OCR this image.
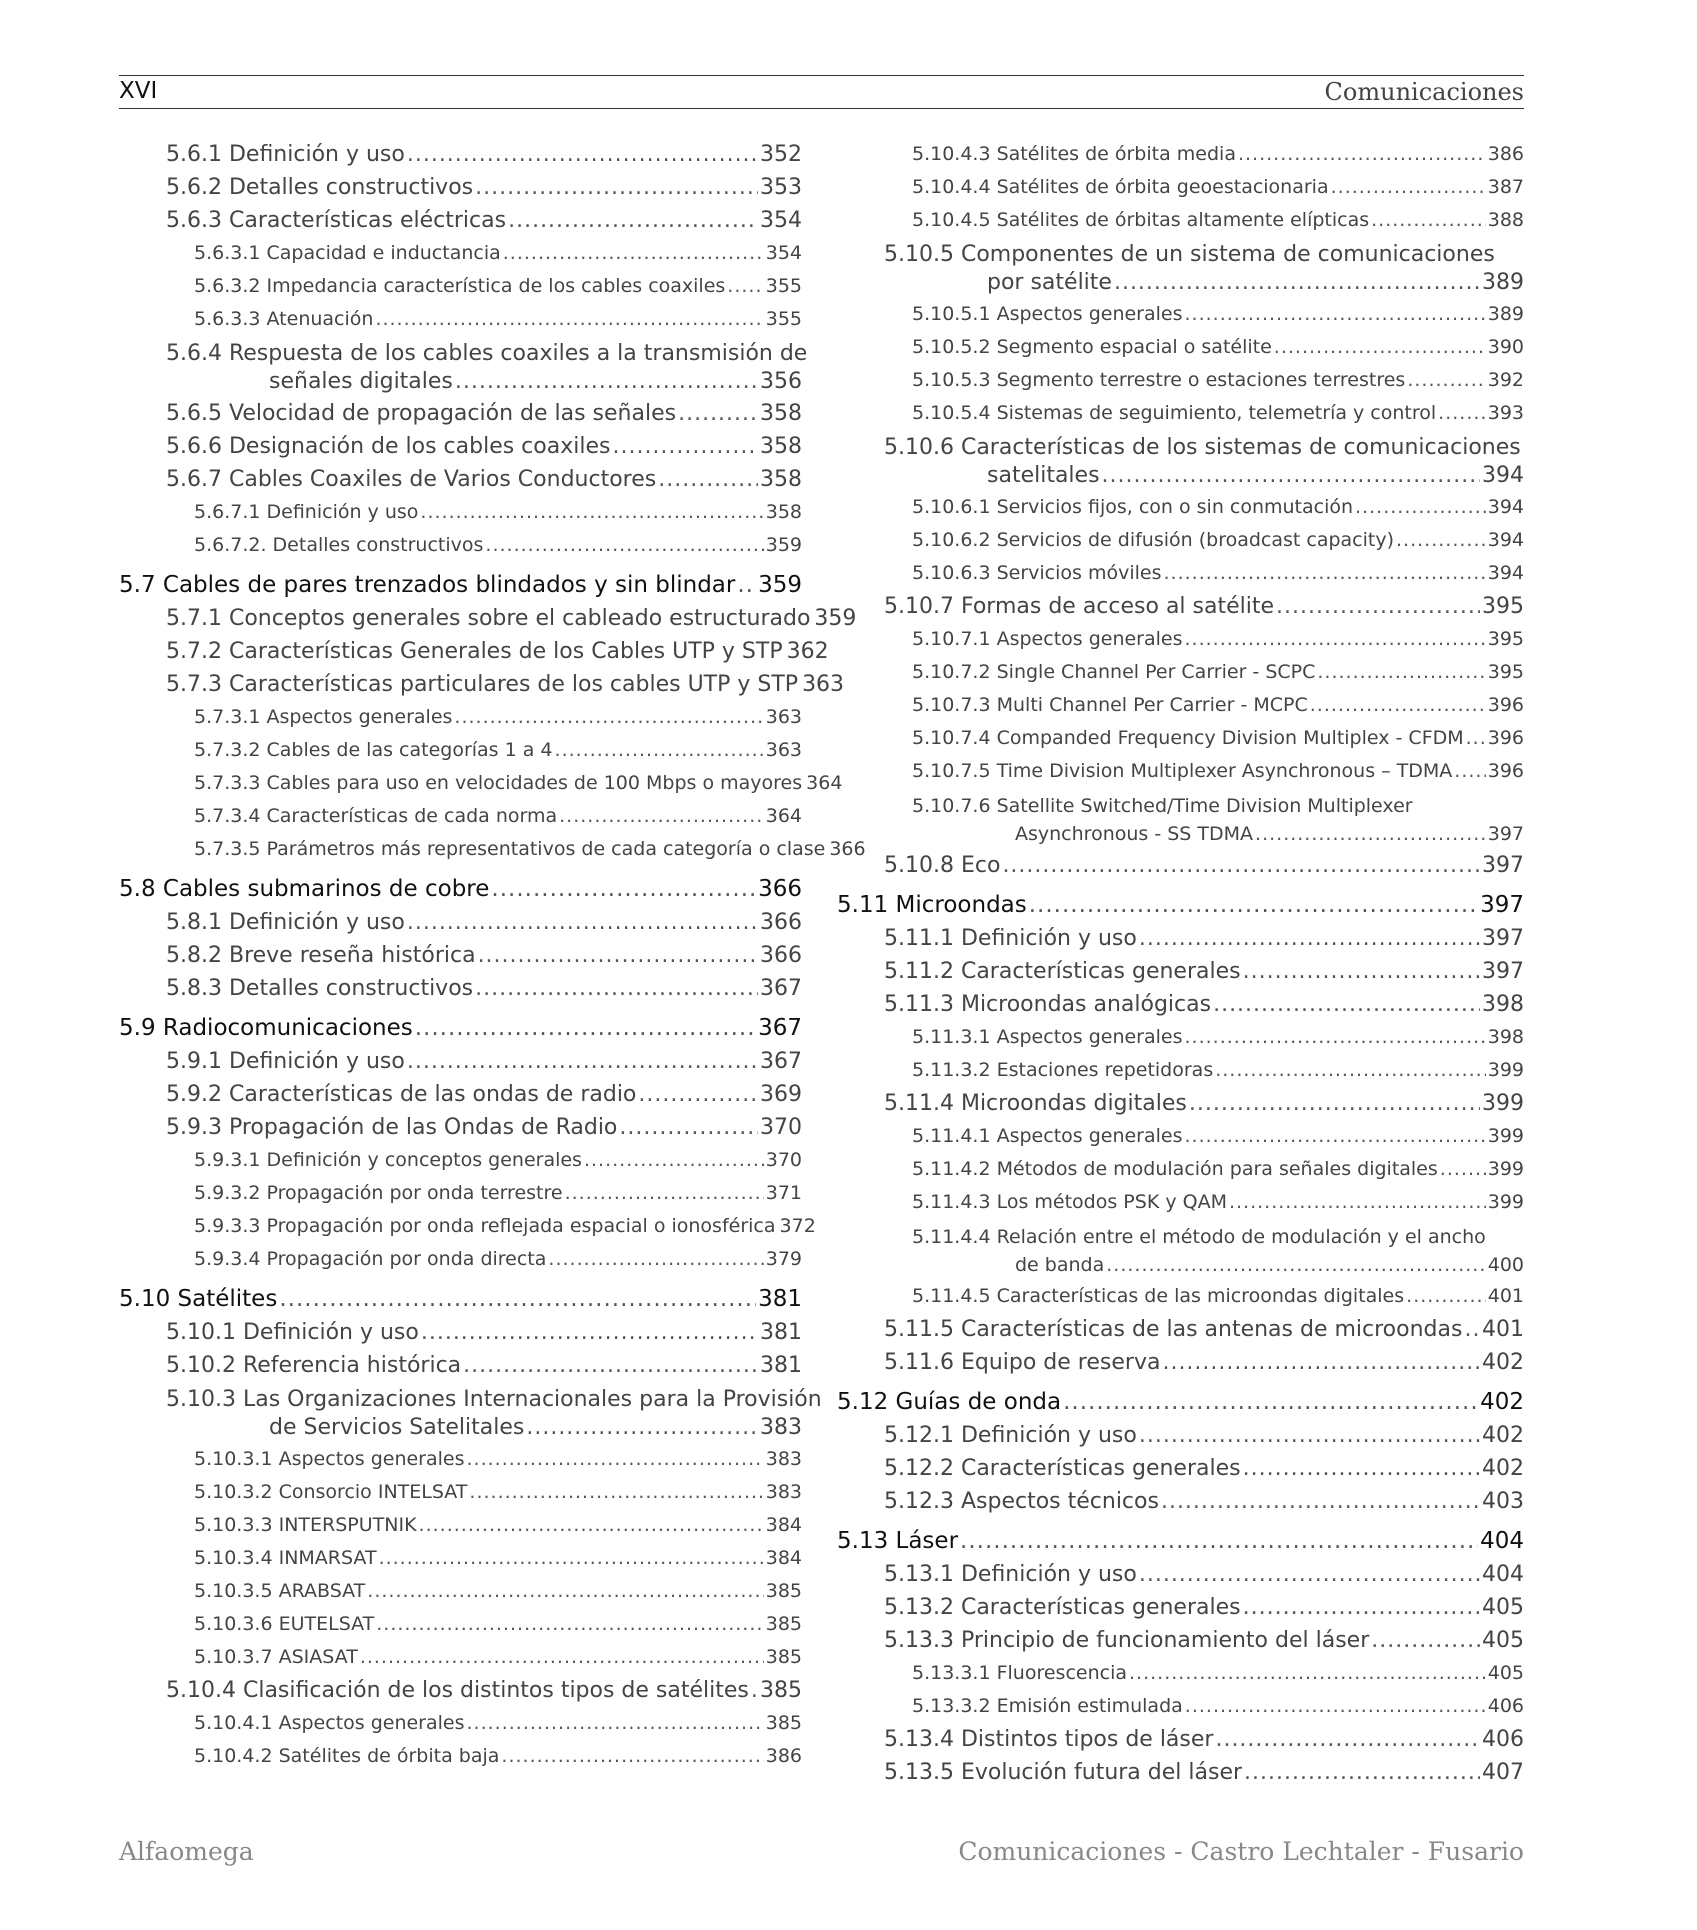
XVI	Comunicaciones
5.6.1 Definición y uso .....	352
5.6.2 Detalles constructivos .....	353
5.6.3 Características eléctricas .....	354
5.6.3.1 Capacidad e inductancia .....	354
5.6.3.2 Impedancia característica de los cables coaxiles ..... 355
5.6.3.3 Atenuación .....	355
5.6.4 Respuesta de los cables coaxiles a la transmisión de
señales digitales .....	356
5.6.5 Velocidad de propagación de las señales .....	358
5.6.6 Designación de los cables coaxiles .....	358
5.6.7 Cables Coaxiles de Varios Conductores .....	358
5.6.7.1 Definición y uso .....	358
5.6.7.2. Detalles constructivos .....	359
5.7 Cables de pares trenzados blindados y sin blindar ..... 359
5.7.1 Conceptos generales sobre el cableado estructurado 359
5.7.2 Características Generales de los Cables UTP y STP 362
5.7.3 Características particulares de los cables UTP y STP 363
5.7.3.1 Aspectos generales .....	363
5.7.3.2 Cables de las categorías 1 a 4 .....	363
5.7.3.3 Cables para uso en velocidades de 100 Mbps o mayores 364
5.7.3.4 Características de cada norma .....	364
5.7.3.5 Parámetros más representativos de cada categoría o clase 366
5.8 Cables submarinos de cobre .....	366
5.8.1 Definición y uso .....	366
5.8.2 Breve reseña histórica .....	366
5.8.3 Detalles constructivos .....	367
5.9 Radiocomunicaciones .....	367
5.9.1 Definición y uso .....	367
5.9.2 Características de las ondas de radio .....	369
5.9.3 Propagación de las Ondas de Radio .....	370
5.9.3.1 Definición y conceptos generales .....	370
5.9.3.2 Propagación por onda terrestre .....	371
5.9.3.3 Propagación por onda reflejada espacial o ionosférica 372
5.9.3.4 Propagación por onda directa .....	379
5.10 Satélites .....	381
5.10.1 Definición y uso .....	381
5.10.2 Referencia histórica .....	381
5.10.3 Las Organizaciones Internacionales para la Provisión
de Servicios Satelitales .....	383
5.10.3.1 Aspectos generales .....	383
5.10.3.2 Consorcio INTELSAT .....	383
5.10.3.3 INTERSPUTNIK .....	384
5.10.3.4 INMARSAT .....	384
5.10.3.5 ARABSAT .....	385
5.10.3.6 EUTELSAT .....	385
5.10.3.7 ASIASAT .....	385
5.10.4 Clasificación de los distintos tipos de satélites ..... 385
5.10.4.1 Aspectos generales .....	385
5.10.4.2 Satélites de órbita baja .....	386
5.10.4.3 Satélites de órbita media .....	386
5.10.4.4 Satélites de órbita geoestacionaria .....	387
5.10.4.5 Satélites de órbitas altamente elípticas .....	388
5.10.5 Componentes de un sistema de comunicaciones
por satélite .....	389
5.10.5.1 Aspectos generales .....	389
5.10.5.2 Segmento espacial o satélite .....	390
5.10.5.3 Segmento terrestre o estaciones terrestres .....	392
5.10.5.4 Sistemas de seguimiento, telemetría y control .....	393
5.10.6 Características de los sistemas de comunicaciones
satelitales .....	394
5.10.6.1 Servicios fijos, con o sin conmutación .....	394
5.10.6.2 Servicios de difusión (broadcast capacity) .....	394
5.10.6.3 Servicios móviles .....	394
5.10.7 Formas de acceso al satélite .....	395
5.10.7.1 Aspectos generales .....	395
5.10.7.2 Single Channel Per Carrier - SCPC .....	395
5.10.7.3 Multi Channel Per Carrier - MCPC .....	396
5.10.7.4 Companded Frequency Division Multiplex - CFDM ..... 396
5.10.7.5 Time Division Multiplexer Asynchronous – TDMA ..... 396
5.10.7.6 Satellite Switched/Time Division Multiplexer
Asynchronous - SS TDMA .....	397
5.10.8 Eco .....	397
5.11 Microondas .....	397
5.11.1 Definición y uso .....	397
5.11.2 Características generales .....	397
5.11.3 Microondas analógicas .....	398
5.11.3.1 Aspectos generales .....	398
5.11.3.2 Estaciones repetidoras .....	399
5.11.4 Microondas digitales .....	399
5.11.4.1 Aspectos generales .....	399
5.11.4.2 Métodos de modulación para señales digitales .....	399
5.11.4.3 Los métodos PSK y QAM .....	399
5.11.4.4 Relación entre el método de modulación y el ancho
de banda .....	400
5.11.4.5 Características de las microondas digitales .....	401
5.11.5 Características de las antenas de microondas ..... 401
5.11.6 Equipo de reserva .....	402
5.12 Guías de onda .....	402
5.12.1 Definición y uso .....	402
5.12.2 Características generales .....	402
5.12.3 Aspectos técnicos .....	403
5.13 Láser .....	404
5.13.1 Definición y uso .....	404
5.13.2 Características generales .....	405
5.13.3 Principio de funcionamiento del láser .....	405
5.13.3.1 Fluorescencia .....	405
5.13.3.2 Emisión estimulada .....	406
5.13.4 Distintos tipos de láser .....	406
5.13.5 Evolución futura del láser .....	407
Alfaomega	Comunicaciones - Castro Lechtaler - Fusario
